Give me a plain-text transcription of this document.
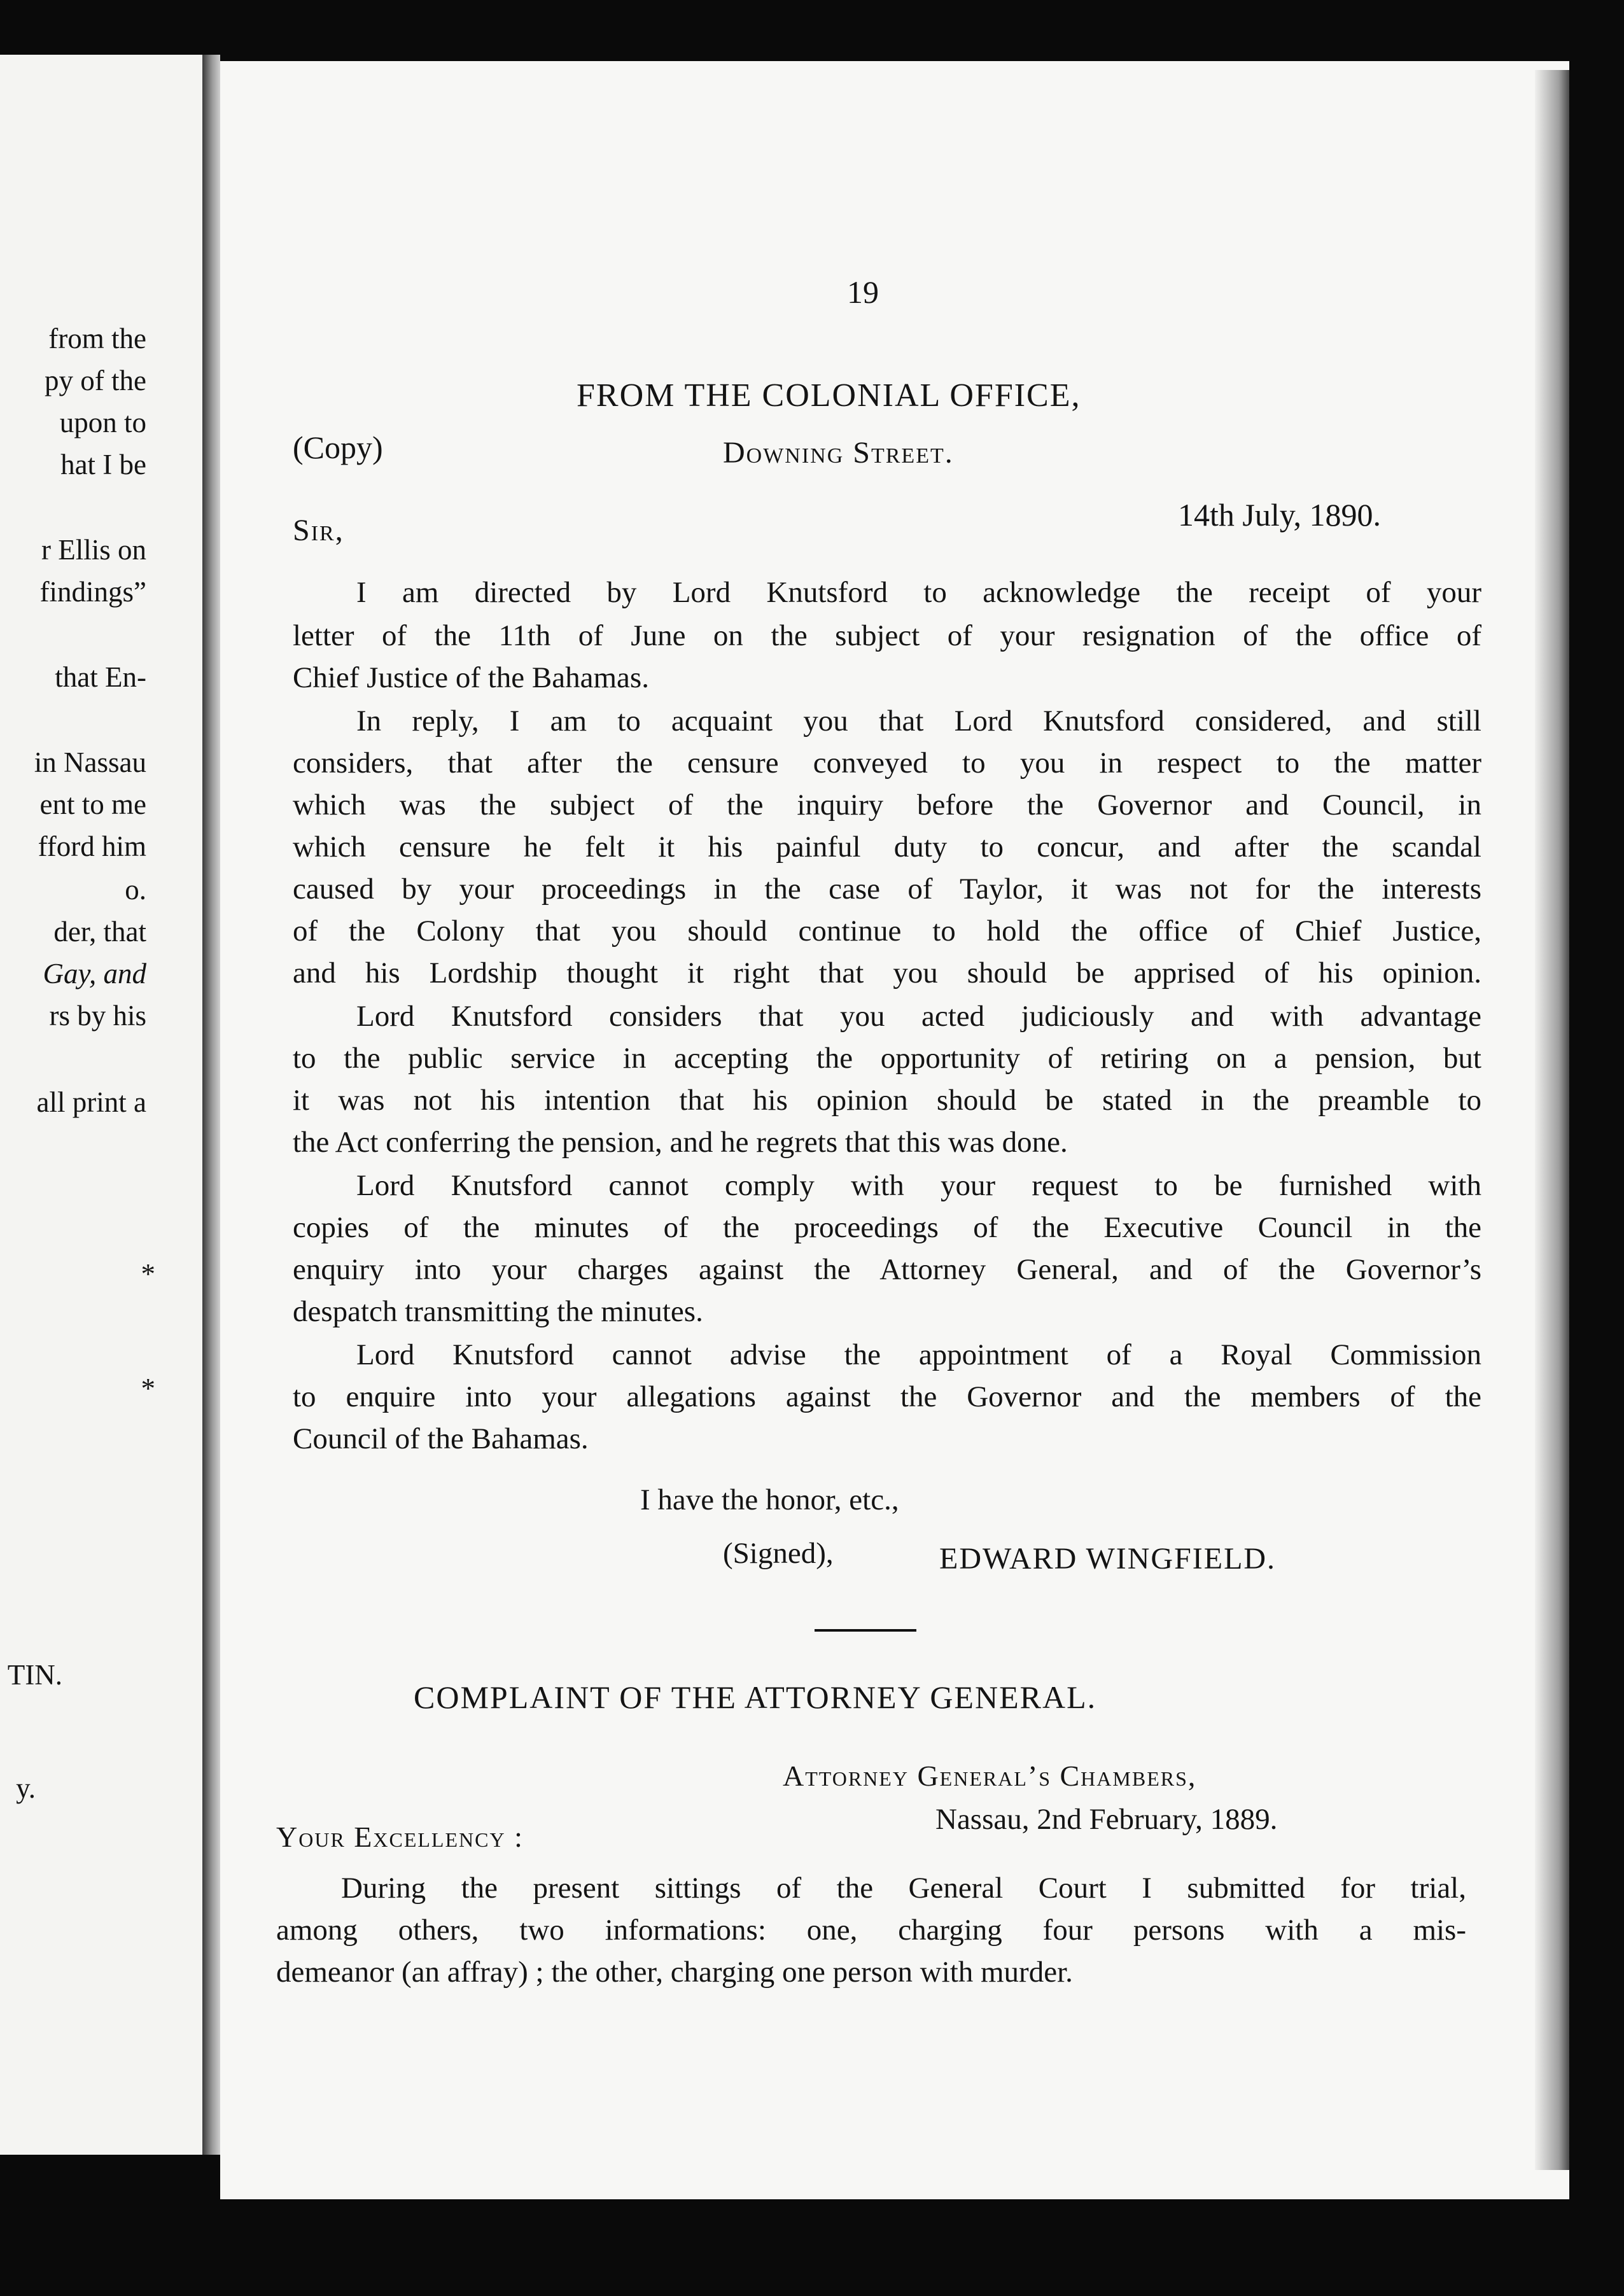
from the
py of the
upon to
hat I be
r Ellis on
findings”
that En-
in Nassau
ent to me
fford him
o.
der, that
Gay, and
rs by his
all print a
*
*
TIN.
y.
19
FROM THE COLONIAL OFFICE,
(Copy)	Downing Street.
14th July, 1890.
Sir,
I am directed by Lord Knutsford to acknowledge the receipt of your
letter of the 11th of June on the subject of your resignation of the office of
Chief Justice of the Bahamas.
In reply, I am to acquaint you that Lord Knutsford considered, and still
considers, that after the censure conveyed to you in respect to the matter
which was the subject of the inquiry before the Governor and Council, in
which censure he felt it his painful duty to concur, and after the scandal
caused by your proceedings in the case of Taylor, it was not for the interests
of the Colony that you should continue to hold the office of Chief Justice,
and his Lordship thought it right that you should be apprised of his opinion.
Lord Knutsford considers that you acted judiciously and with advantage
to the public service in accepting the opportunity of retiring on a pension, but
it was not his intention that his opinion should be stated in the preamble to
the Act conferring the pension, and he regrets that this was done.
Lord Knutsford cannot comply with your request to be furnished with
copies of the minutes of the proceedings of the Executive Council in the
enquiry into your charges against the Attorney General, and of the Governor’s
despatch transmitting the minutes.
Lord Knutsford cannot advise the appointment of a Royal Commission
to enquire into your allegations against the Governor and the members of the
Council of the Bahamas.
I have the honor, etc.,
(Signed),	EDWARD WINGFIELD.
COMPLAINT OF THE ATTORNEY GENERAL.
Attorney General’s Chambers,
Nassau, 2nd February, 1889.
Your Excellency :
During the present sittings of the General Court I submitted for trial,
among others, two informations: one, charging four persons with a mis-
demeanor (an affray) ; the other, charging one person with murder.
